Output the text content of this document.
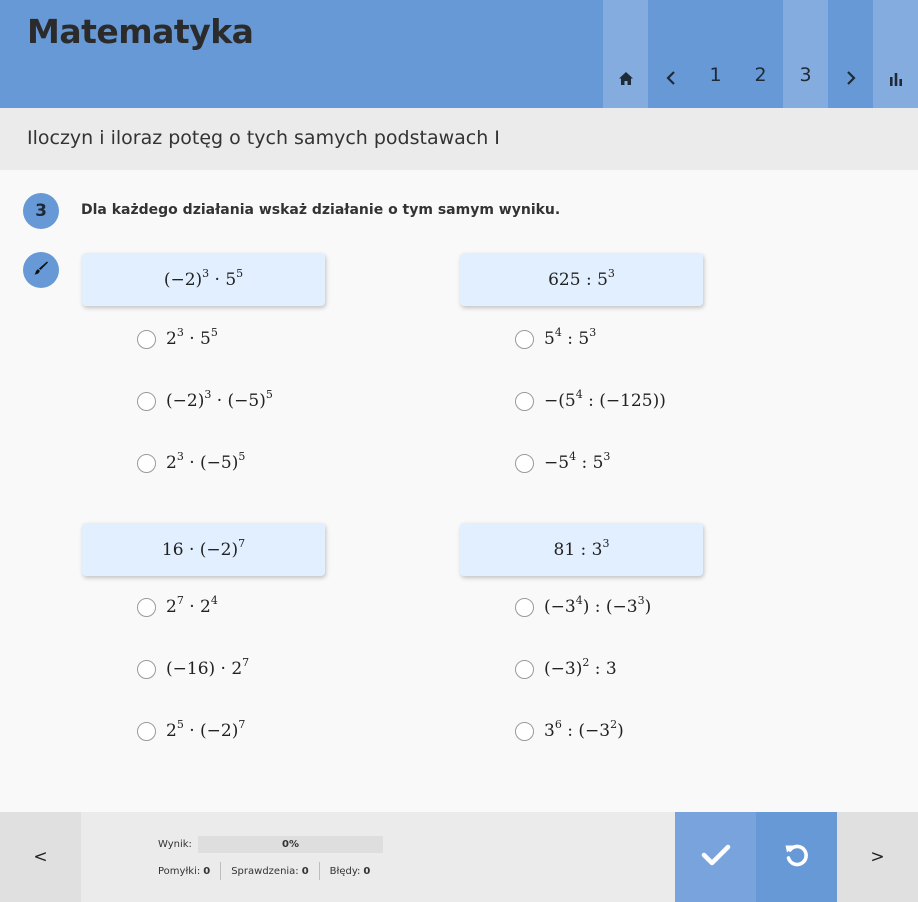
Matematyka
1	2	3
Iloczyn i iloraz potęg o tych samych podstawach I
3	Dla każdego działania wskaż działanie o tym samym wyniku.
$(-2)^3 \cdot 5^5$
$2^3 \cdot 5^5$
$(-2)^3 \cdot (-5)^5$
$2^3 \cdot (-5)^5$
625 : $5^3$
$5^4$ : $5^3$
$-(5^4$ : (−125))
$-5^4$ : $5^3$
$16 \cdot (-2)^7$
$2^7 \cdot 2^4$
$(-16) \cdot 2^7$
$2^5 \cdot (-2)^7$
81 : $3^3$
$(-3^4)$ : $(-3^3)$
$(-3)^2$ : 3
$3^6$ : $(-3^2)$
<
Wynik:	0%
Pomyłki: 0 Sprawdzenia: 0 Błędy: 0
>
